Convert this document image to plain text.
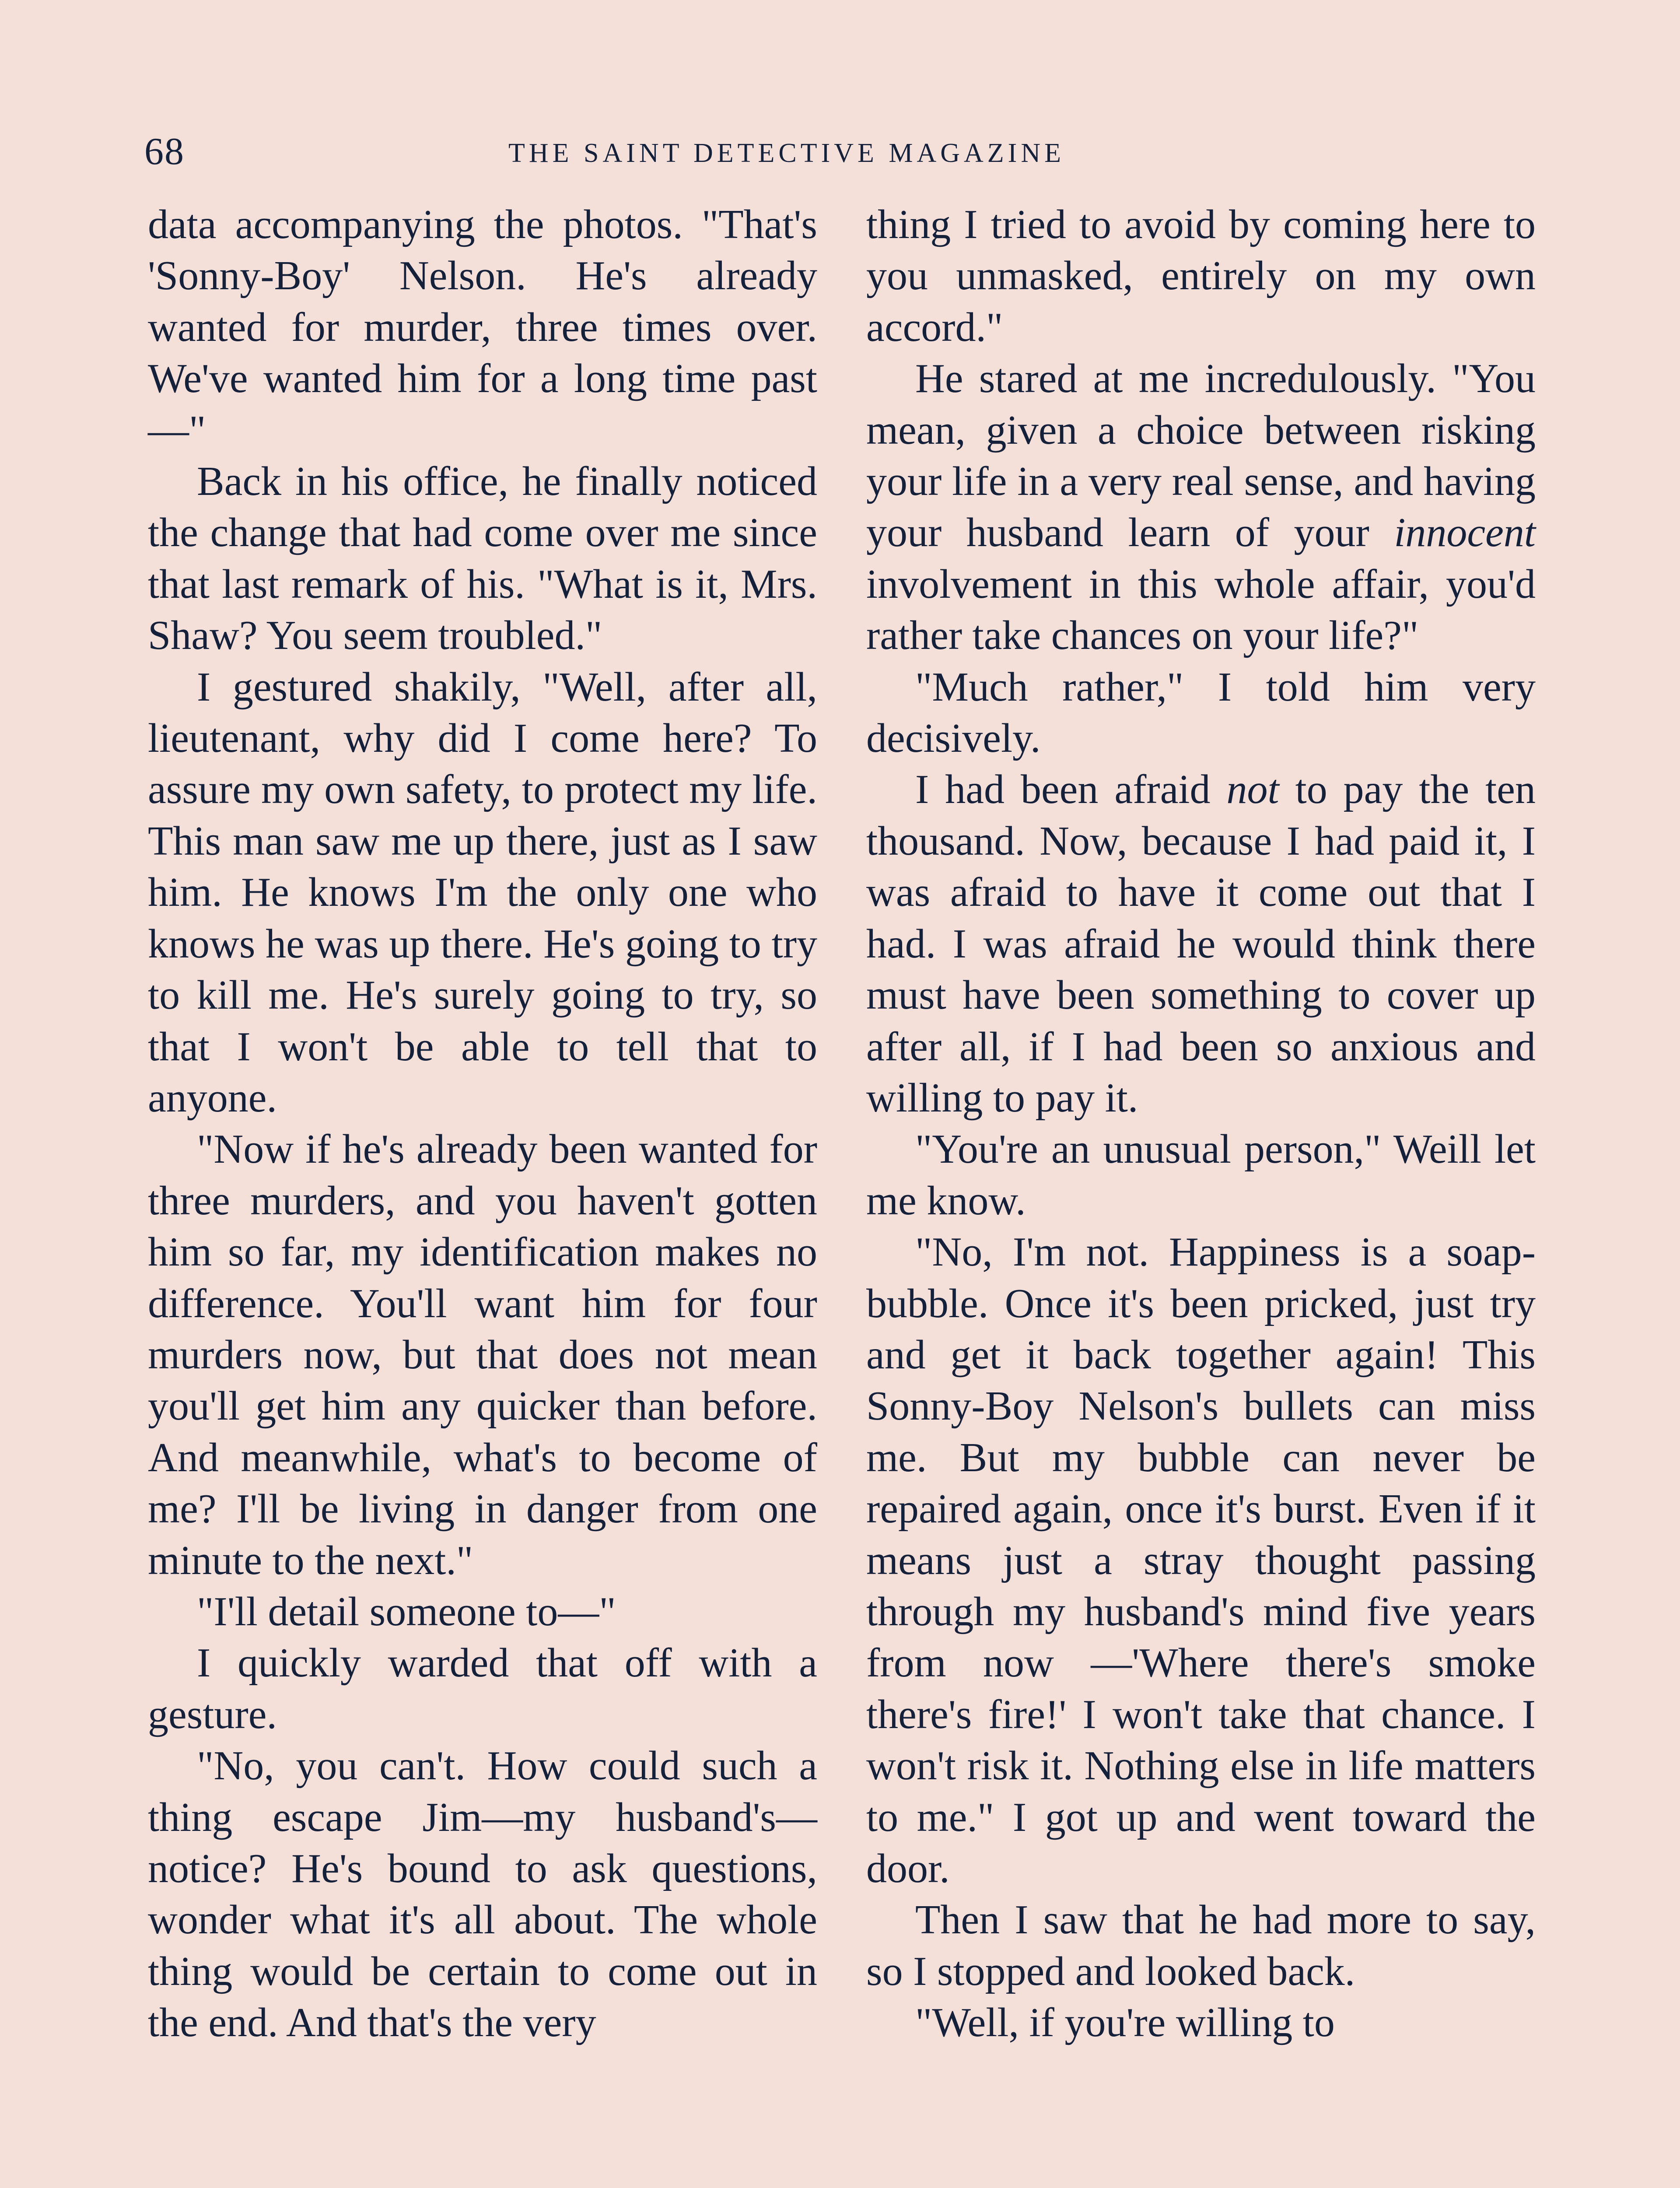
68	THE SAINT DETECTIVE MAGAZINE

data accompanying the photos. "That's 'Sonny-Boy' Nelson. He's already wanted for murder, three times over. We've wanted him for a long time past—"

Back in his office, he finally noticed the change that had come over me since that last remark of his. "What is it, Mrs. Shaw? You seem troubled."

I gestured shakily, "Well, after all, lieutenant, why did I come here? To assure my own safety, to protect my life. This man saw me up there, just as I saw him. He knows I'm the only one who knows he was up there. He's going to try to kill me. He's surely going to try, so that I won't be able to tell that to anyone.

"Now if he's already been wanted for three murders, and you haven't gotten him so far, my identification makes no difference. You'll want him for four murders now, but that does not mean you'll get him any quicker than before. And meanwhile, what's to become of me? I'll be living in danger from one minute to the next."

"I'll detail someone to—"

I quickly warded that off with a gesture.

"No, you can't. How could such a thing escape Jim—my husband's—notice? He's bound to ask questions, wonder what it's all about. The whole thing would be certain to come out in the end. And that's the very

thing I tried to avoid by coming here to you unmasked, entirely on my own accord."

He stared at me incredulously. "You mean, given a choice between risking your life in a very real sense, and having your husband learn of your innocent involvement in this whole affair, you'd rather take chances on your life?"

"Much rather," I told him very decisively.

I had been afraid not to pay the ten thousand. Now, because I had paid it, I was afraid to have it come out that I had. I was afraid he would think there must have been something to cover up after all, if I had been so anxious and willing to pay it.

"You're an unusual person," Weill let me know.

"No, I'm not. Happiness is a soap-bubble. Once it's been pricked, just try and get it back together again! This Sonny-Boy Nelson's bullets can miss me. But my bubble can never be repaired again, once it's burst. Even if it means just a stray thought passing through my husband's mind five years from now —'Where there's smoke there's fire!' I won't take that chance. I won't risk it. Nothing else in life matters to me." I got up and went toward the door.

Then I saw that he had more to say, so I stopped and looked back.

"Well, if you're willing to
